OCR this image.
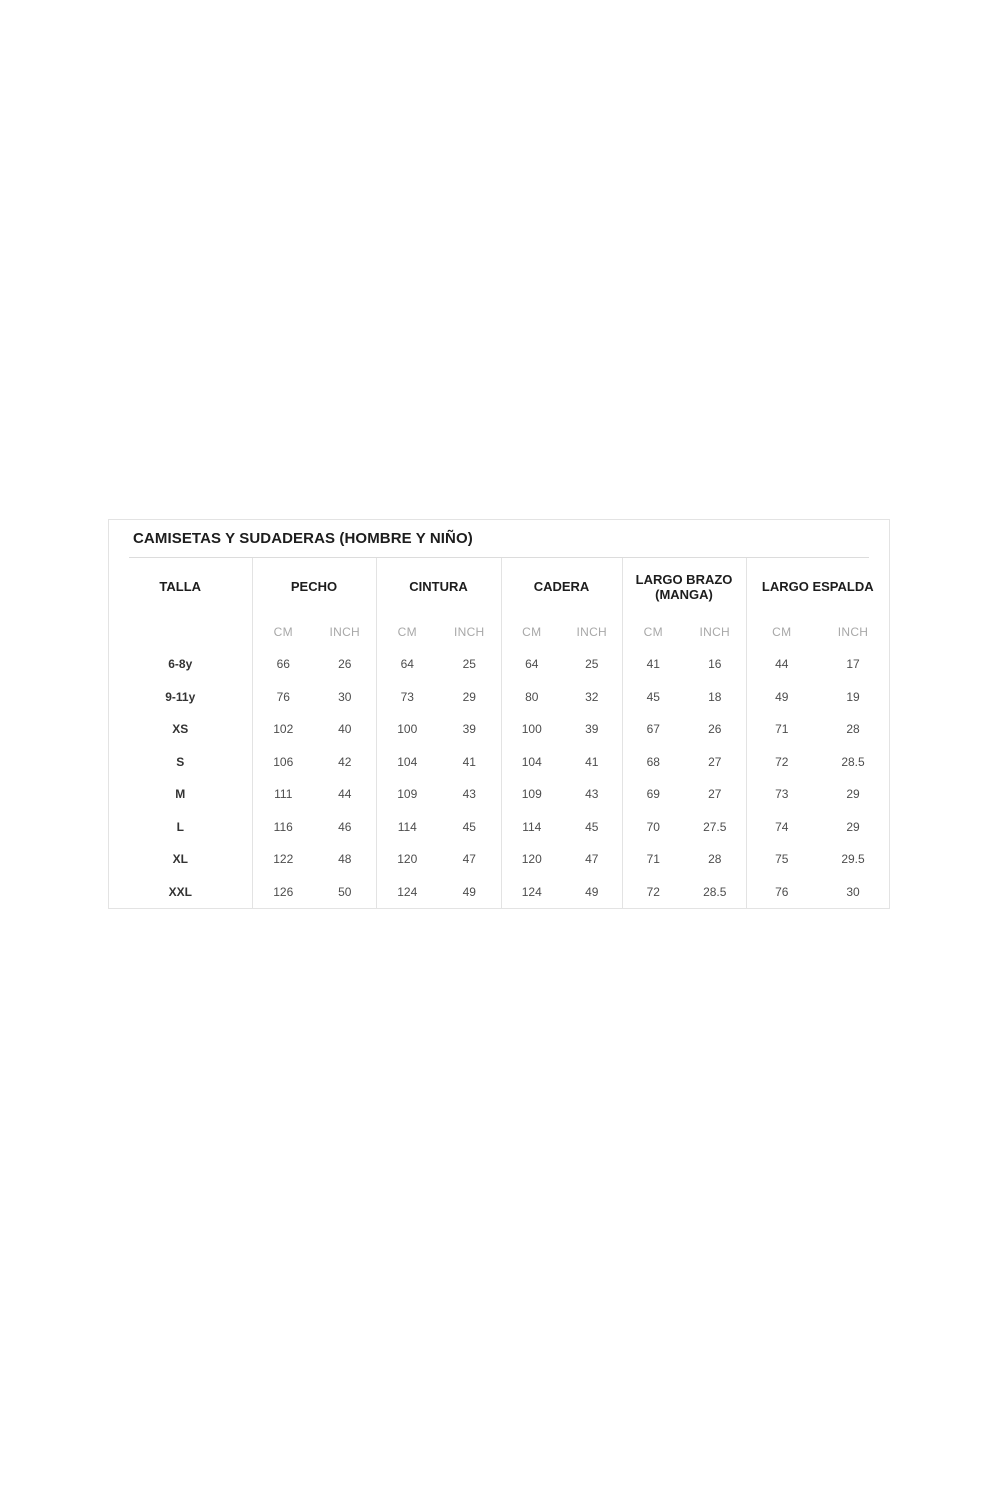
CAMISETAS Y SUDADERAS (HOMBRE Y NIÑO)
TALLA	PECHO		CINTURA		CADERA		LARGO BRAZO (MANGA)		LARGO ESPALDA	
	CM	INCH	CM	INCH	CM	INCH	CM	INCH	CM	INCH
6-8y	66	26	64	25	64	25	41	16	44	17
9-11y	76	30	73	29	80	32	45	18	49	19
XS	102	40	100	39	100	39	67	26	71	28
S	106	42	104	41	104	41	68	27	72	28.5
M	111	44	109	43	109	43	69	27	73	29
L	116	46	114	45	114	45	70	27.5	74	29
XL	122	48	120	47	120	47	71	28	75	29.5
XXL	126	50	124	49	124	49	72	28.5	76	30
